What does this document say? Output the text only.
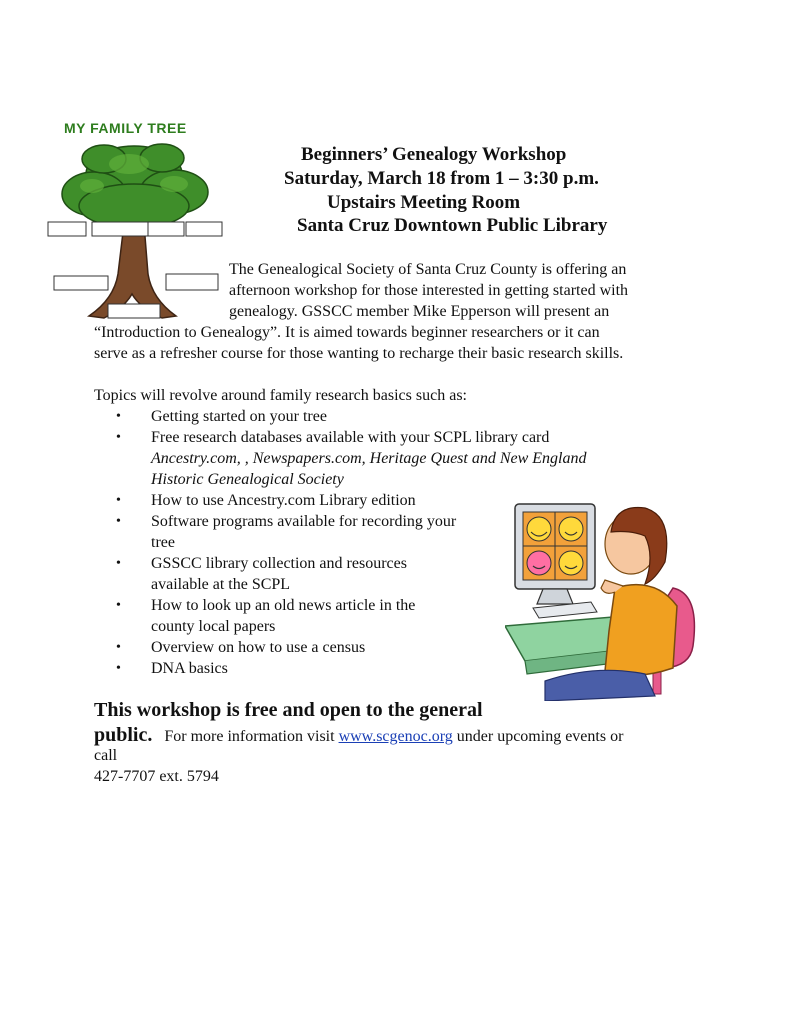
MY FAMILY TREE
Beginners’ Genealogy Workshop
Saturday, March 18 from 1 – 3:30 p.m.
Upstairs Meeting Room
Santa Cruz Downtown Public Library
The Genealogical Society of Santa Cruz County is offering an
afternoon workshop for those interested in getting started with
genealogy. GSSCC member Mike Epperson will present an
“Introduction to Genealogy”. It is aimed towards beginner researchers or it can
serve as a refresher course for those wanting to recharge their basic research skills.
Topics will revolve around family research basics such as:
• Getting started on your tree
• Free research databases available with your SCPL library card
Ancestry.com, , Newspapers.com, Heritage Quest and New England
Historic Genealogical Society
• How to use Ancestry.com Library edition
• Software programs available for recording your
tree
• GSSCC library collection and resources
available at the SCPL
• How to look up an old news article in the
county local papers
• Overview on how to use a census
• DNA basics
This workshop is free and open to the general
public. For more information visit www.scgenoc.org under upcoming events or
call
427-7707 ext. 5794
